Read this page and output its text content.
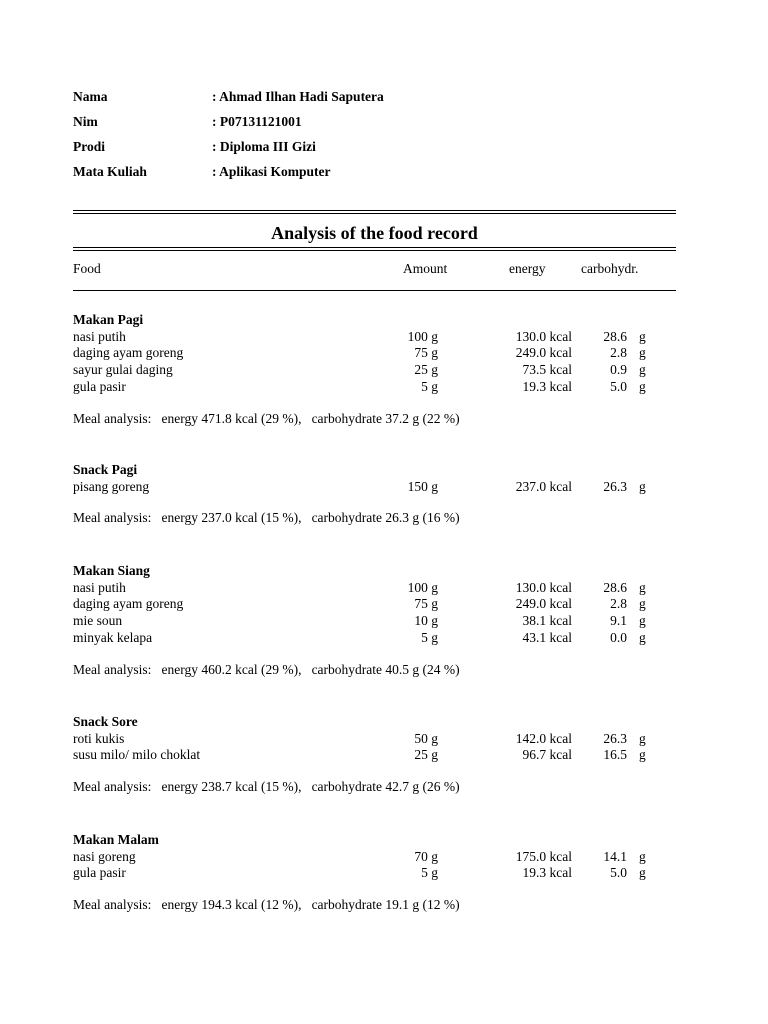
Nama	: Ahmad Ilhan Hadi Saputera
Nim	: P07131121001
Prodi	: Diploma III Gizi
Mata Kuliah	: Aplikasi Komputer
Analysis of the food record
Food	Amount	energy	carbohydr.
Makan Pagi
nasi putih	100 g	130.0 kcal 28.6 g
daging ayam goreng	75 g	249.0 kcal	2.8 g
sayur gulai daging	25 g	73.5 kcal	0.9 g
gula pasir	5 g	19.3 kcal	5.0 g
Meal analysis:   energy 471.8 kcal (29 %),   carbohydrate 37.2 g (22 %)
Snack Pagi
pisang goreng	150 g	237.0 kcal 26.3 g
Meal analysis:   energy 237.0 kcal (15 %),   carbohydrate 26.3 g (16 %)
Makan Siang
nasi putih	100 g	130.0 kcal 28.6 g
daging ayam goreng	75 g	249.0 kcal	2.8 g
mie soun	10 g	38.1 kcal	9.1 g
minyak kelapa	5 g	43.1 kcal	0.0 g
Meal analysis:   energy 460.2 kcal (29 %),   carbohydrate 40.5 g (24 %)
Snack Sore
roti kukis	50 g	142.0 kcal 26.3 g
susu milo/ milo choklat	25 g	96.7 kcal 16.5 g
Meal analysis:   energy 238.7 kcal (15 %),   carbohydrate 42.7 g (26 %)
Makan Malam
nasi goreng	70 g	175.0 kcal 14.1 g
gula pasir	5 g	19.3 kcal	5.0 g
Meal analysis:   energy 194.3 kcal (12 %),   carbohydrate 19.1 g (12 %)
